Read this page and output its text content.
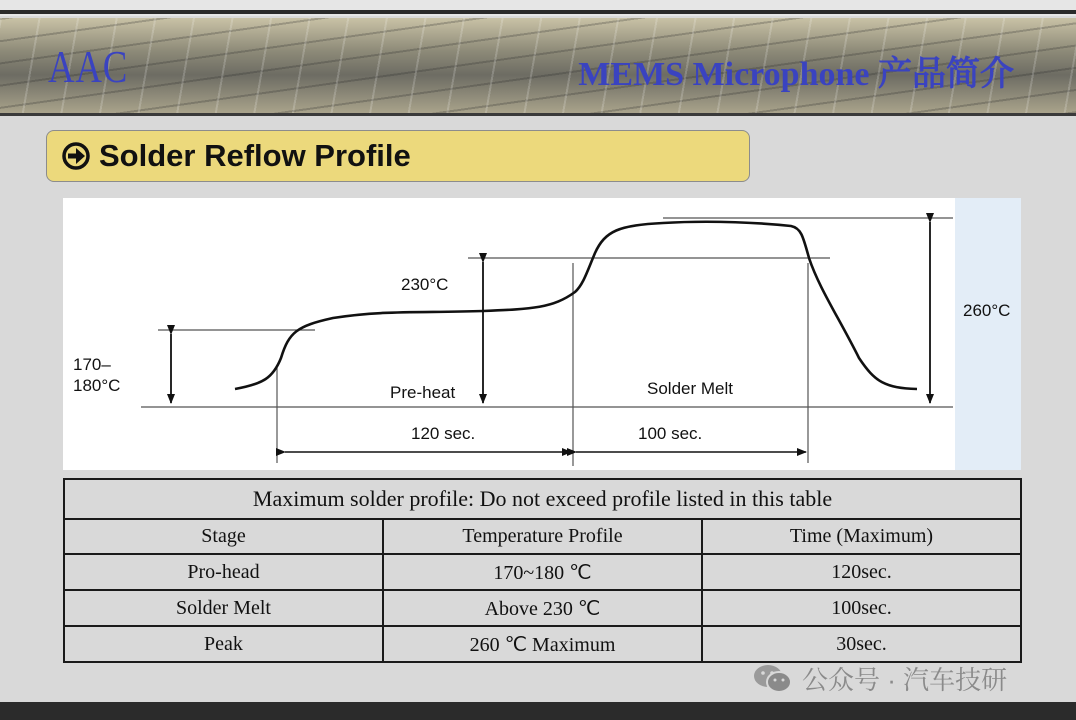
AAC	MEMS Microphone 产品简介
Solder Reflow Profile
170– 180°C
230°C
260°C
Pre-heat	Solder Melt
120 sec.	100 sec.
Maximum solder profile: Do not exceed profile listed in this table		
Stage	Temperature Profile	Time (Maximum)
Pro-head	170~180 ℃	120sec.
Solder Melt	Above 230 ℃	100sec.
Peak	260 ℃ Maximum	30sec.
公众号 · 汽车技研
